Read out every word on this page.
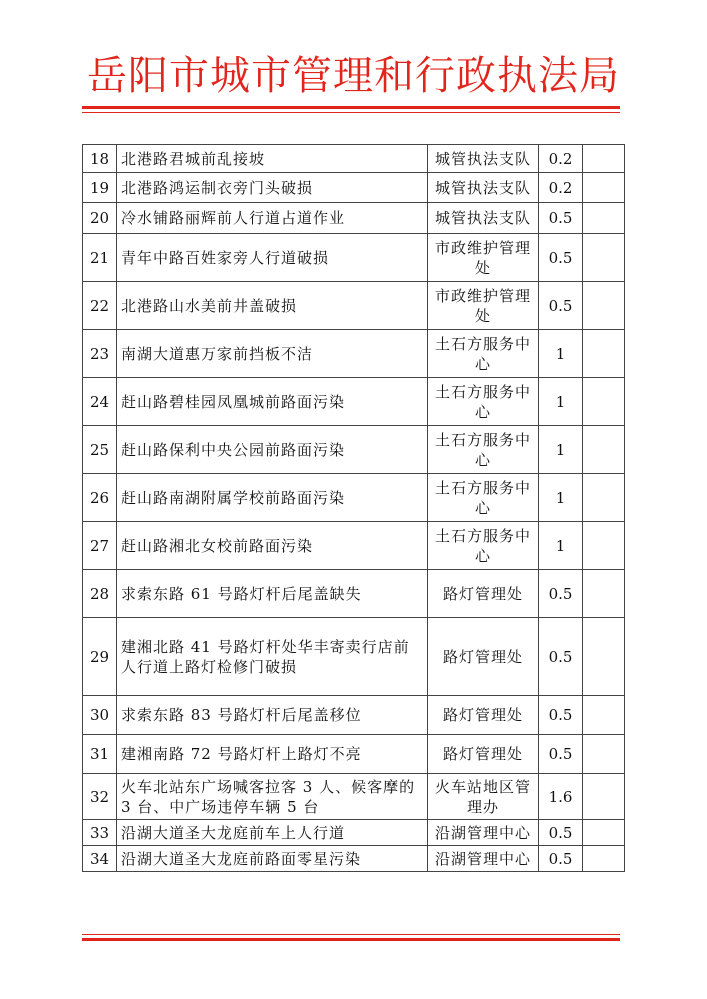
岳阳市城市管理和行政执法局
18	北港路君城前乱接坡	城管执法支队	0.2	
19	北港路鸿运制衣旁门头破损	城管执法支队	0.2	
20	冷水铺路丽辉前人行道占道作业	城管执法支队	0.5	
21	青年中路百姓家旁人行道破损	市政维护管理处	0.5	
22	北港路山水美前井盖破损	市政维护管理处	0.5	
23	南湖大道惠万家前挡板不洁	土石方服务中心	1	
24	赶山路碧桂园凤凰城前路面污染	土石方服务中心	1	
25	赶山路保利中央公园前路面污染	土石方服务中心	1	
26	赶山路南湖附属学校前路面污染	土石方服务中心	1	
27	赶山路湘北女校前路面污染	土石方服务中心	1	
28	求索东路 61 号路灯杆后尾盖缺失	路灯管理处	0.5	
29	建湘北路 41 号路灯杆处华丰寄卖行店前人行道上路灯检修门破损	路灯管理处	0.5	
30	求索东路 83 号路灯杆后尾盖移位	路灯管理处	0.5	
31	建湘南路 72 号路灯杆上路灯不亮	路灯管理处	0.5	
32	火车北站东广场喊客拉客 3 人、候客摩的 3 台、中广场违停车辆 5 台	火车站地区管理办	1.6	
33	沿湖大道圣大龙庭前车上人行道	沿湖管理中心	0.5	
34	沿湖大道圣大龙庭前路面零星污染	沿湖管理中心	0.5	
